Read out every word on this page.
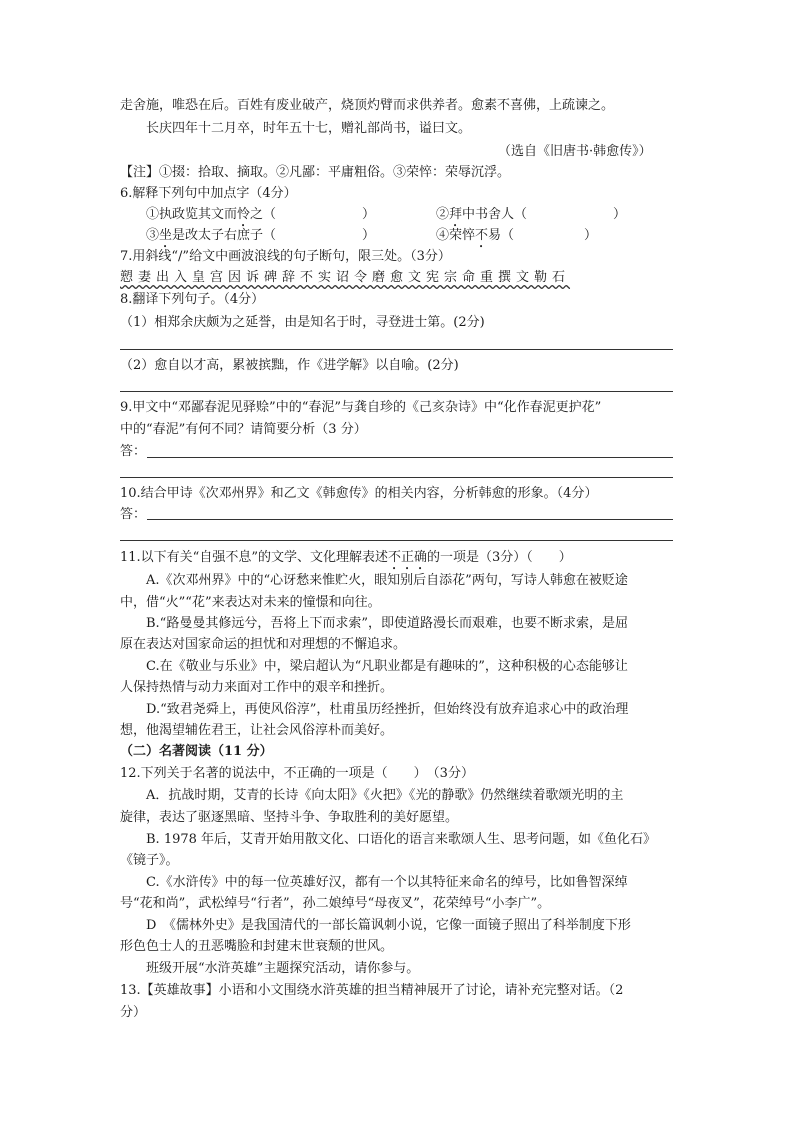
走舍施，唯恐在后。百姓有废业破产，烧顶灼臂而求供养者。愈素不喜佛，上疏谏之。
长庆四年十二月卒，时年五十七，赠礼部尚书，谥曰文。
（选自《旧唐书·韩愈传》）
【注】①掇：拾取、摘取。②凡鄙：平庸粗俗。③荣悴：荣辱沉浮。
6.解释下列句中加点字（4分）
①执政览其文而怜之（	）	②拜中书舍人（	）
③坐是改太子右庶子（	）	④荣悴不易（	）
7.用斜线“/”给文中画波浪线的句子断句，限三处。（3分）
愬妻出入皇宫因诉碑辞不实诏令磨愈文宪宗命重撰文勒石
8.翻译下列句子。（4分）
（1）相郑余庆颇为之延誉，由是知名于时，寻登进士第。(2分)
（2）愈自以才高，累被摈黜，作《进学解》以自喻。(2分)
9.甲文中“邓鄙春泥见驿赊”中的“春泥”与龚自珍的《己亥杂诗》中“化作春泥更护花”
中的“春泥”有何不同？请简要分析（3 分）
答：
10.结合甲诗《次邓州界》和乙文《韩愈传》的相关内容，分析韩愈的形象。（4分）
答：
11.以下有关“自强不息”的文学、文化理解表述不正确的一项是（3分）（　　）
A.《次邓州界》中的“心讶愁来惟贮火，眼知别后自添花”两句，写诗人韩愈在被贬途
中，借“火”“花”来表达对未来的憧憬和向往。
B.“路曼曼其修远兮，吾将上下而求索”，即使道路漫长而艰难，也要不断求索，是屈
原在表达对国家命运的担忧和对理想的不懈追求。
C.在《敬业与乐业》中，梁启超认为“凡职业都是有趣味的”，这种积极的心态能够让
人保持热情与动力来面对工作中的艰辛和挫折。
D.“致君尧舜上，再使风俗淳”，杜甫虽历经挫折，但始终没有放弃追求心中的政治理
想，他渴望辅佐君王，让社会风俗淳朴而美好。
（二）名著阅读（11 分）
12.下列关于名著的说法中，不正确的一项是（　　）　（3分）
A．抗战时期，艾青的长诗《向太阳》《火把》《光的静歌》仍然继续着歌颂光明的主
旋律，表达了驱逐黑暗、坚持斗争、争取胜利的美好愿望。
B. 1978 年后，艾青开始用散文化、口语化的语言来歌颂人生、思考问题，如《鱼化石》
《镜子》。
C.《水浒传》中的每一位英雄好汉，都有一个以其特征来命名的绰号，比如鲁智深绰
号“花和尚”，武松绰号“行者”，孙二娘绰号“母夜叉”，花荣绰号“小李广”。
D　《儒林外史》是我国清代的一部长篇讽刺小说，它像一面镜子照出了科举制度下形
形色色士人的丑恶嘴脸和封建末世衰颓的世风。
班级开展“水浒英雄”主题探究活动，请你参与。
13.【英雄故事】小语和小文围绕水浒英雄的担当精神展开了讨论，请补充完整对话。（2
分）
